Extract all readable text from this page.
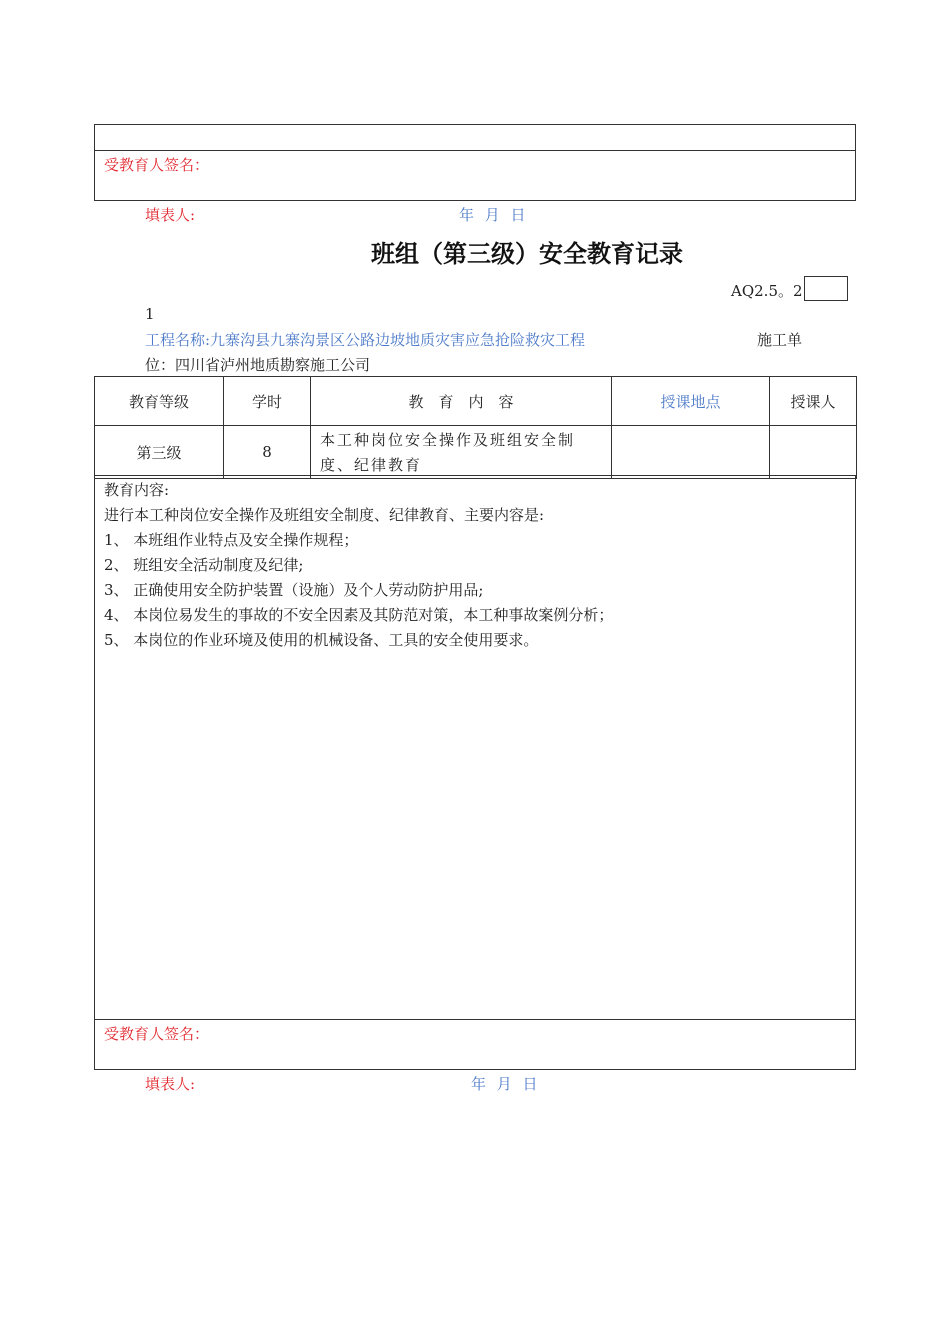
受教育人签名：
填表人:	年 月 日
班组（第三级）安全教育记录
AQ2.5。2
1
工程名称:九寨沟县九寨沟景区公路边坡地质灾害应急抢险救灾工程	施工单
位：四川省泸州地质勘察施工公司
教育等级	学时	教　育　内　容	授课地点	授课人
第三级	8	本工种岗位安全操作及班组安全制度、纪律教育		
教育内容:
进行本工种岗位安全操作及班组安全制度、纪律教育、主要内容是:
1、 本班组作业特点及安全操作规程；
2、 班组安全活动制度及纪律;
3、 正确使用安全防护装置（设施）及个人劳动防护用品;
4、 本岗位易发生的事故的不安全因素及其防范对策，本工种事故案例分析；
5、 本岗位的作业环境及使用的机械设备、工具的安全使用要求。
受教育人签名：
填表人:	年 月 日
